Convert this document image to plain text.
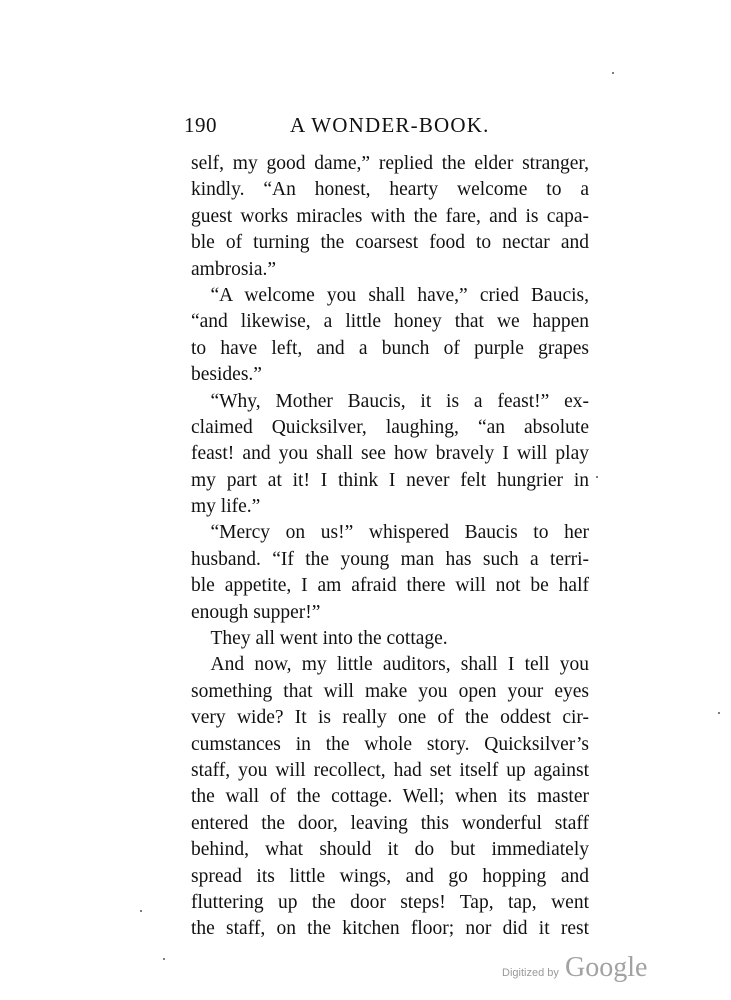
190	A WONDER-BOOK.
self, my good dame,” replied the elder stranger,
kindly. “An honest, hearty welcome to a
guest works miracles with the fare, and is capa-
ble of turning the coarsest food to nectar and
ambrosia.”
 “A welcome you shall have,” cried Baucis,
“and likewise, a little honey that we happen
to have left, and a bunch of purple grapes
besides.”
 “Why, Mother Baucis, it is a feast!” ex-
claimed Quicksilver, laughing, “an absolute
feast! and you shall see how bravely I will play
my part at it! I think I never felt hungrier in
my life.”
 “Mercy on us!” whispered Baucis to her
husband. “If the young man has such a terri-
ble appetite, I am afraid there will not be half
enough supper!”
 They all went into the cottage.
 And now, my little auditors, shall I tell you
something that will make you open your eyes
very wide? It is really one of the oddest cir-
cumstances in the whole story. Quicksilver’s
staff, you will recollect, had set itself up against
the wall of the cottage. Well; when its master
entered the door, leaving this wonderful staff
behind, what should it do but immediately
spread its little wings, and go hopping and
fluttering up the door steps! Tap, tap, went
the staff, on the kitchen floor; nor did it rest
Digitized by Google
